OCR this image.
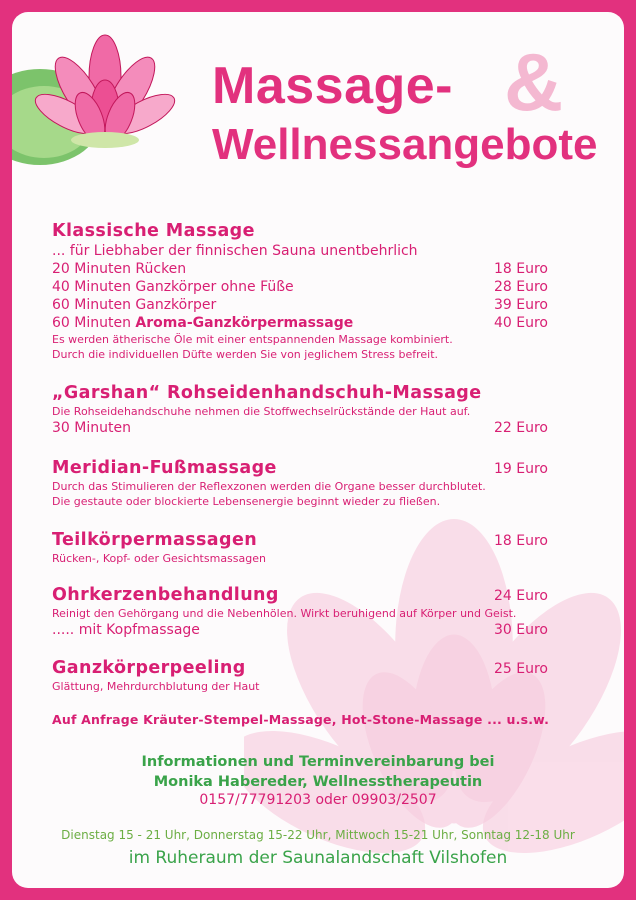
Massage- &
Wellnessangebote
Klassische Massage
... für Liebhaber der finnischen Sauna unentbehrlich
20 Minuten Rücken	18 Euro
40 Minuten Ganzkörper ohne Füße	28 Euro
60 Minuten Ganzkörper	39 Euro
60 Minuten Aroma-Ganzkörpermassage	40 Euro
Es werden ätherische Öle mit einer entspannenden Massage kombiniert.
Durch die individuellen Düfte werden Sie von jeglichem Stress befreit.
„Garshan“ Rohseidenhandschuh-Massage
Die Rohseidehandschuhe nehmen die Stoffwechselrückstände der Haut auf.
30 Minuten	22 Euro
Meridian-Fußmassage	19 Euro
Durch das Stimulieren der Reflexzonen werden die Organe besser durchblutet.
Die gestaute oder blockierte Lebensenergie beginnt wieder zu fließen.
Teilkörpermassagen	18 Euro
Rücken-, Kopf- oder Gesichtsmassagen
Ohrkerzenbehandlung	24 Euro
Reinigt den Gehörgang und die Nebenhölen. Wirkt beruhigend auf Körper und Geist.
..... mit Kopfmassage	30 Euro
Ganzkörperpeeling	25 Euro
Glättung, Mehrdurchblutung der Haut
Auf Anfrage Kräuter-Stempel-Massage, Hot-Stone-Massage ... u.s.w.
Informationen und Terminvereinbarung bei
Monika Habereder, Wellnesstherapeutin
0157/77791203 oder 09903/2507
Dienstag 15 - 21 Uhr, Donnerstag 15-22 Uhr, Mittwoch 15-21 Uhr, Sonntag 12-18 Uhr
im Ruheraum der Saunalandschaft Vilshofen
